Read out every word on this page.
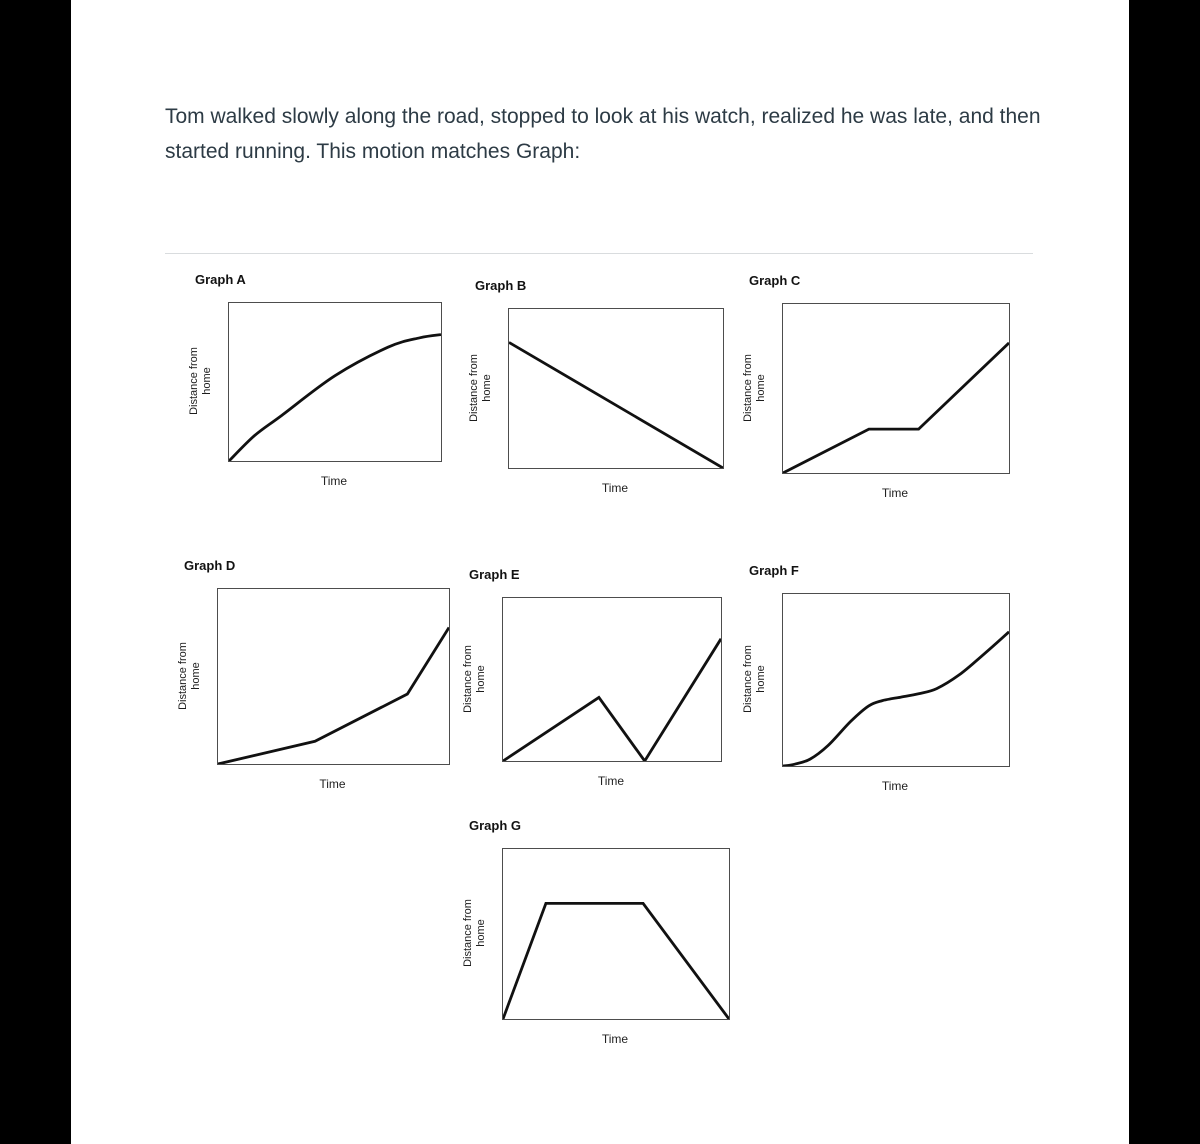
Tom walked slowly along the road, stopped to look at his watch, realized he was late, and then started running. This motion matches Graph:

Graph A
Distance from home
Time
Graph B
Distance from home
Time
Graph C
Distance from home
Time
Graph D
Distance from home
Time
Graph E
Distance from home
Time
Graph F
Distance from home
Time
Graph G
Distance from home
Time
